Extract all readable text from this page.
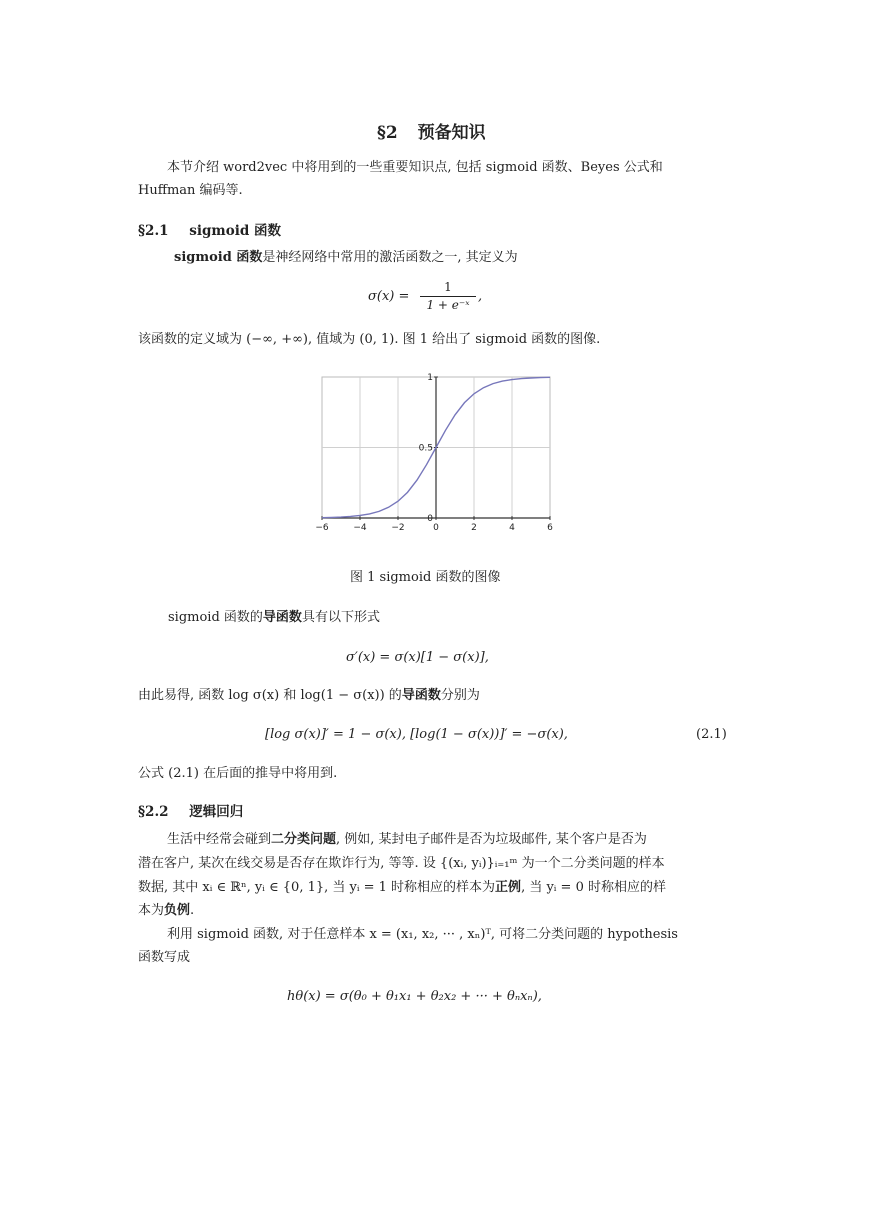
§2 预备知识
本节介绍 word2vec 中将用到的一些重要知识点, 包括 sigmoid 函数、Beyes 公式和
Huffman 编码等.
§2.1 sigmoid 函数
sigmoid 函数是神经网络中常用的激活函数之一, 其定义为
σ(x) =
1
1 + e⁻ˣ
,
该函数的定义域为 (−∞, +∞), 值域为 (0, 1). 图 1 给出了 sigmoid 函数的图像.
−6	−4	−2	0	2	4	6
0
0.5
1
图 1 sigmoid 函数的图像
sigmoid 函数的导函数具有以下形式
σ′(x) = σ(x)[1 − σ(x)],
由此易得, 函数 log σ(x) 和 log(1 − σ(x)) 的导函数分别为
[log σ(x)]′ = 1 − σ(x), [log(1 − σ(x))]′ = −σ(x),	(2.1)
公式 (2.1) 在后面的推导中将用到.
§2.2 逻辑回归
生活中经常会碰到二分类问题, 例如, 某封电子邮件是否为垃圾邮件, 某个客户是否为
潜在客户, 某次在线交易是否存在欺诈行为, 等等. 设 {(xᵢ, yᵢ)}ᵢ₌₁ᵐ 为一个二分类问题的样本
数据, 其中 xᵢ ∈ ℝⁿ, yᵢ ∈ {0, 1}, 当 yᵢ = 1 时称相应的样本为正例, 当 yᵢ = 0 时称相应的样
本为负例.
利用 sigmoid 函数, 对于任意样本 x = (x₁, x₂, ··· , xₙ)ᵀ, 可将二分类问题的 hypothesis
函数写成
hθ(x) = σ(θ₀ + θ₁x₁ + θ₂x₂ + ··· + θₙxₙ),
